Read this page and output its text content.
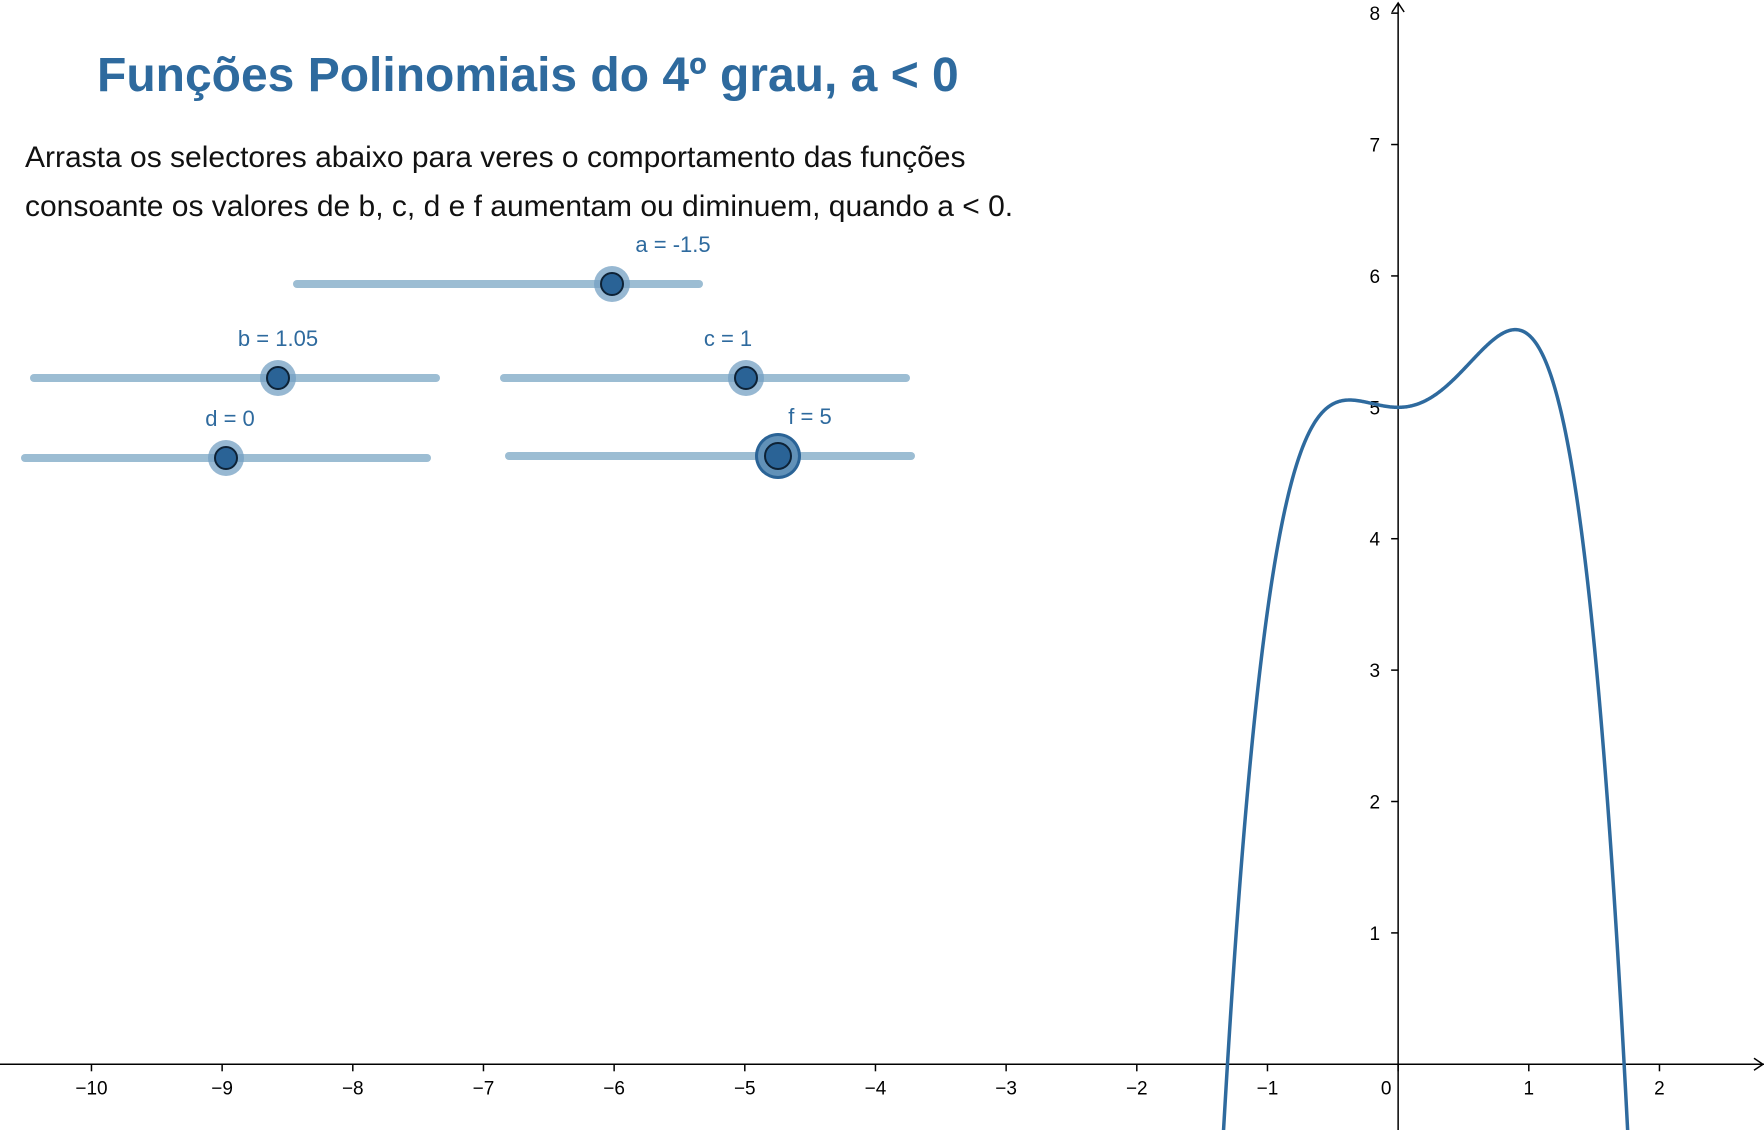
−10	−9	−8	−7	−6	−5	−4	−3	−2	−1	0	1	2
1
2
3
4
5
6
7
8
Funções Polinomiais do 4º grau, a < 0
Arrasta os selectores abaixo para veres o comportamento das funções
consoante os valores de b, c, d e f aumentam ou diminuem, quando a < 0.
a = -1.5
b = 1.05	c = 1
d = 0	f = 5
